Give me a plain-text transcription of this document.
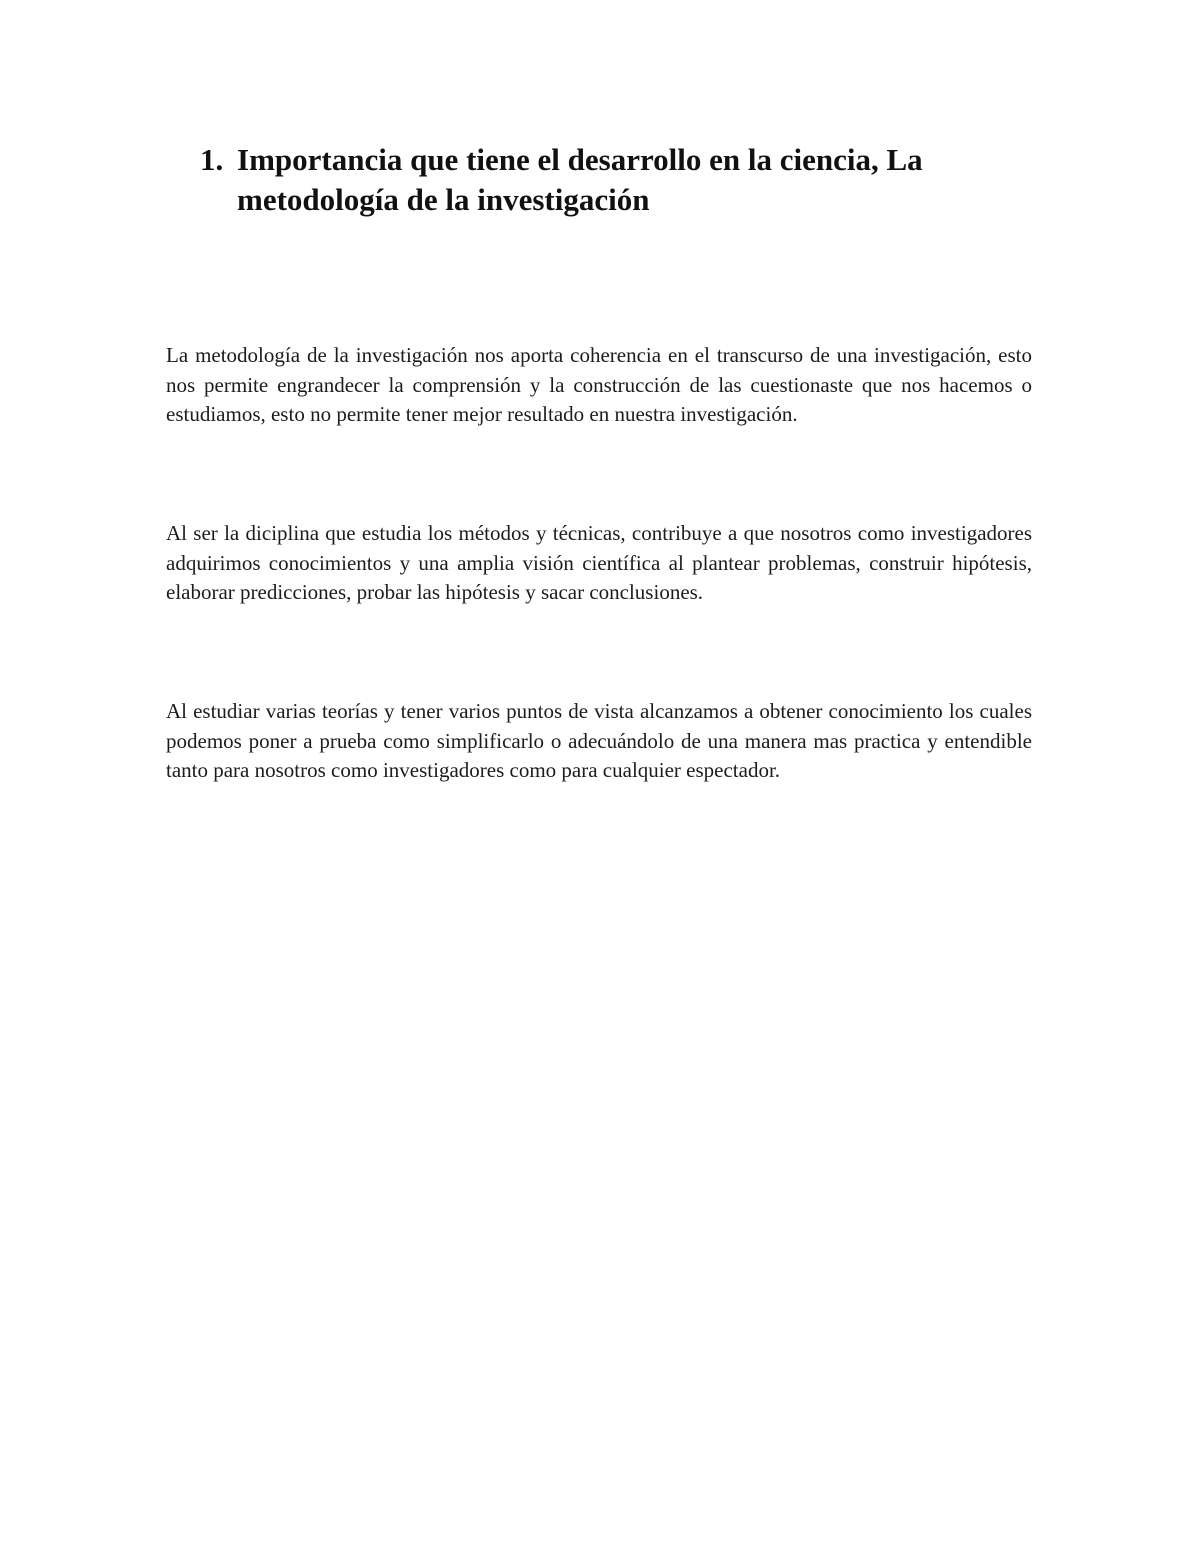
1. Importancia que tiene el desarrollo en la ciencia, La metodología de la investigación

La metodología de la investigación nos aporta coherencia en el transcurso de una investigación, esto nos permite engrandecer la comprensión y la construcción de las cuestionaste que nos hacemos o estudiamos, esto no permite tener mejor resultado en nuestra investigación.

Al ser la diciplina que estudia los métodos y técnicas, contribuye a que nosotros como investigadores adquirimos conocimientos y una amplia visión científica al plantear problemas, construir hipótesis, elaborar predicciones, probar las hipótesis y sacar conclusiones.

Al estudiar varias teorías y tener varios puntos de vista alcanzamos a obtener conocimiento los cuales podemos poner a prueba como simplificarlo o adecuándolo de una manera mas practica y entendible tanto para nosotros como investigadores como para cualquier espectador.
